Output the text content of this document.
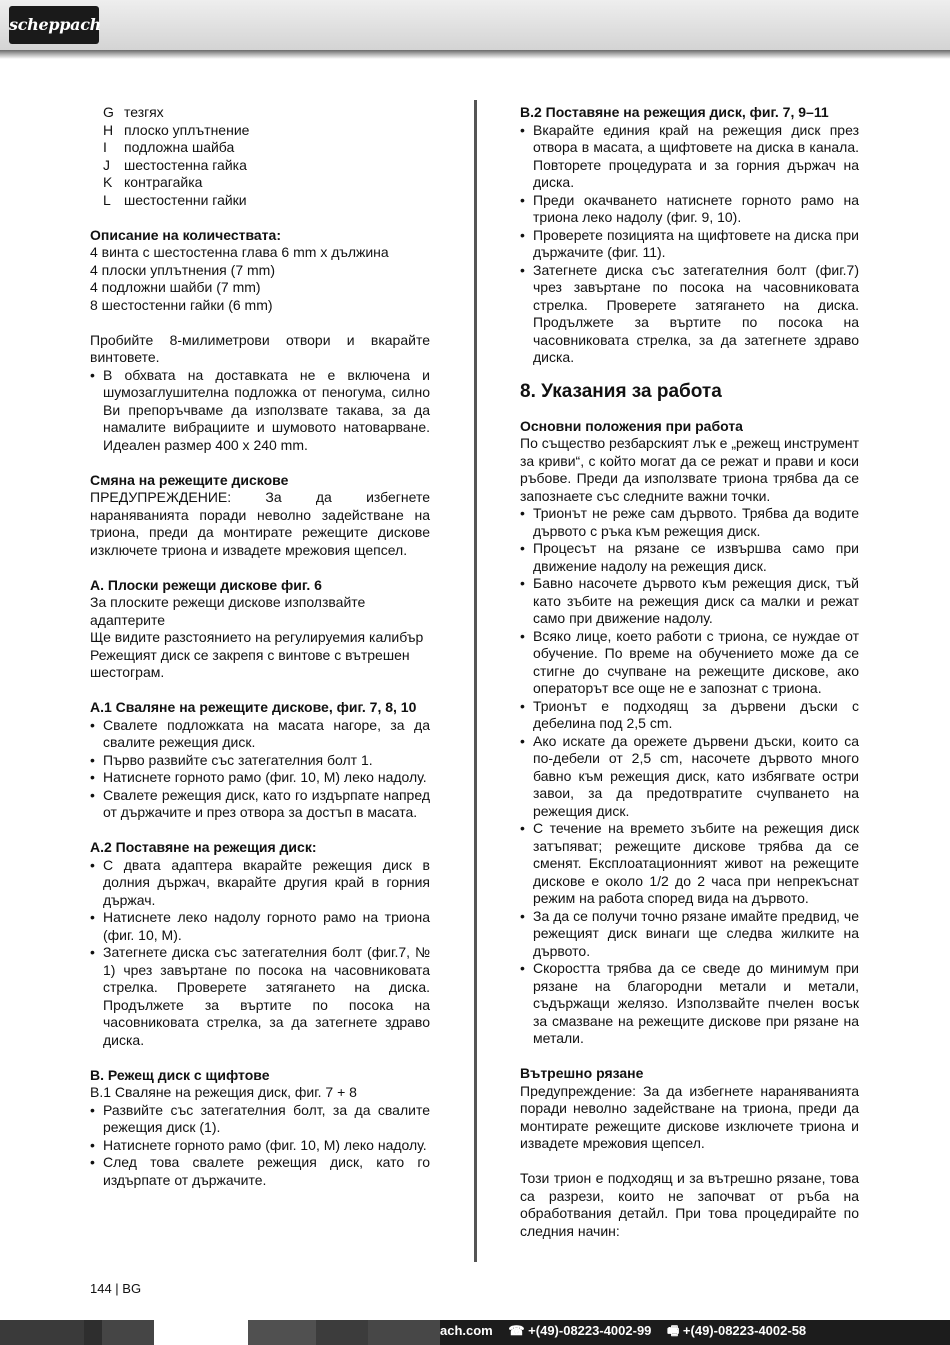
scheppach
G тезгях
H плоско уплътнение
I	подложна шайба
J	шестостенна гайка
K контрагайка
L шестостенни гайки
Описание на количествата:
4 винта с шестостенна глава 6 mm x дължина
4 плоски уплътнения (7 mm)
4 подложни шайби (7 mm)
8 шестостенни гайки (6 mm)
Пробийте 8-милиметрови отвори и вкарайте винтовете.
• В обхвата на доставката не е включена и шумозаглушителна подложка от пеногума, силно Ви препоръчваме да използвате такава, за да намалите вибрациите и шумовото натоварване. Идеален размер 400 x 240 mm.
Смяна на режещите дискове
ПРЕДУПРЕЖДЕНИЕ: За да избегнете нараняванията поради неволно задействане на триона, преди да монтирате режещите дискове изключете триона и извадете мрежовия щепсел.
А. Плоски режещи дискове фиг. 6
За плоските режещи дискове използвайте адаптерите
Ще видите разстоянието на регулируемия калибър
Режещият диск се закрепя с винтове с вътрешен шестограм.
А.1 Сваляне на режещите дискове, фиг. 7, 8, 10
• Свалете подложката на масата нагоре, за да свалите режещия диск.
• Първо развийте със затегателния болт 1.
• Натиснете горното рамо (фиг. 10, M) леко надолу.
• Свалете режещия диск, като го издърпате напред от държачите и през отвора за достъп в масата.
А.2 Поставяне на режещия диск:
• С двата адаптера вкарайте режещия диск в долния държач, вкарайте другия край в горния държач.
• Натиснете леко надолу горното рамо на триона (фиг. 10, M).
• Затегнете диска със затегателния болт (фиг.7, № 1) чрез завъртане по посока на часовниковата стрелка. Проверете затягането на диска. Продължете за въртите по посока на часовниковата стрелка, за да затегнете здраво диска.
В. Режещ диск с щифтове
В.1 Сваляне на режещия диск, фиг. 7 + 8
• Развийте със затегателния болт, за да свалите режещия диск (1).
• Натиснете горното рамо (фиг. 10, M) леко надолу.
• След това свалете режещия диск, като го издърпате от държачите.
В.2 Поставяне на режещия диск, фиг. 7, 9–11
• Вкарайте единия край на режещия диск през отвора в масата, а щифтовете на диска в канала. Повторете процедурата и за горния държач на диска.
• Преди окачването натиснете горното рамо на триона леко надолу (фиг. 9, 10).
• Проверете позицията на щифтовете на диска при държачите (фиг. 11).
• Затегнете диска със затегателния болт (фиг.7) чрез завъртане по посока на часовниковата стрелка. Проверете затягането на диска. Продължете за въртите по посока на часовниковата стрелка, за да затегнете здраво диска.
8. Указания за работа
Основни положения при работа
По същество резбарският лък е „режещ инструмент за криви“, с който могат да се режат и прави и коси ръбове. Преди да използвате триона трябва да се запознаете със следните важни точки.
• Трионът не реже сам дървото. Трябва да водите дървото с ръка към режещия диск.
• Процесът на рязане се извършва само при движение надолу на режещия диск.
• Бавно насочете дървото към режещия диск, тъй като зъбите на режещия диск са малки и режат само при движение надолу.
• Всяко лице, което работи с триона, се нуждае от обучение. По време на обучението може да се стигне до счупване на режещите дискове, ако операторът все още не е запознат с триона.
• Трионът е подходящ за дървени дъски с дебелина под 2,5 cm.
• Ако искате да орежете дървени дъски, които са по-дебели от 2,5 cm, насочете дървото много бавно към режещия диск, като избягвате остри завои, за да предотвратите счупването на режещия диск.
• С течение на времето зъбите на режещия диск затъпяват; режещите дискове трябва да се сменят. Експлоатационният живот на режещите дискове е около 1/2 до 2 часа при непрекъснат режим на работа според вида на дървото.
• За да се получи точно рязане имайте предвид, че режещият диск винаги ще следва жилките на дървото.
• Скоростта трябва да се сведе до минимум при рязане на благородни метали и метали, съдържащи желязо. Използвайте пчелен восък за смазване на режещите дискове при рязане на метали.
Вътрешно рязане
Предупреждение: За да избегнете нараняванията поради неволно задействане на триона, преди да монтирате режещите дискове изключете триона и извадете мрежовия щепсел.
Този трион е подходящ и за вътрешно рязане, това са разрези, които не започват от ръба на обработвания детайл. При това процедирайте по следния начин:
144 | BG
ach.com ☎ +(49)-08223-4002-99 🖷 +(49)-08223-4002-58
